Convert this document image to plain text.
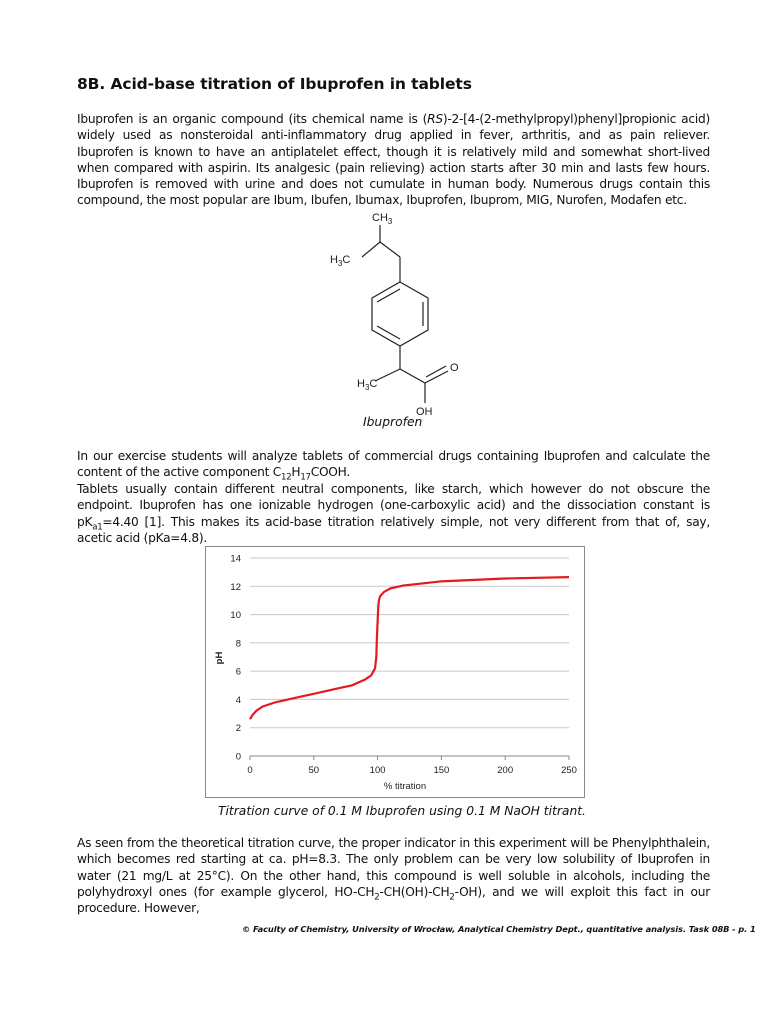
8B. Acid-base titration of Ibuprofen in tablets

Ibuprofen is an organic compound (its chemical name is (RS)-2-[4-(2-methylpropyl)phenyl]propionic acid) widely used as nonsteroidal anti-inflammatory drug applied in fever, arthritis, and as pain reliever. Ibuprofen is known to have an antiplatelet effect, though it is relatively mild and somewhat short-lived when compared with aspirin. Its analgesic (pain relieving) action starts after 30 min and lasts few hours. Ibuprofen is removed with urine and does not cumulate in human body. Numerous drugs contain this compound, the most popular are Ibum, Ibufen, Ibumax, Ibuprofen, Ibuprom, MIG, Nurofen, Modafen etc.

$CH_3$
$H_3C$
$H_3C$
O
OH
Ibuprofen

In our exercise students will analyze tablets of commercial drugs containing Ibuprofen and calculate the content of the active component $C_{12}H_{17}COOH$.

Tablets usually contain different neutral components, like starch, which however do not obscure the endpoint. Ibuprofen has one ionizable hydrogen (one-carboxylic acid) and the dissociation constant is $pK_{a1}=4.40$ [1]. This makes its acid-base titration relatively simple, not very different from that of, say, acetic acid (pKa=4.8).

0
2
4
6
8
10
12
14
0	50	100	150	200	250
% titration
pH
Titration curve of 0.1 M Ibuprofen using 0.1 M NaOH titrant.

As seen from the theoretical titration curve, the proper indicator in this experiment will be Phenylphthalein, which becomes red starting at ca. pH=8.3. The only problem can be very low solubility of Ibuprofen in water (21 mg/L at 25°C). On the other hand, this compound is well soluble in alcohols, including the polyhydroxyl ones (for example glycerol, $HO-CH_2-CH(OH)-CH_2-OH$), and we will exploit this fact in our procedure. However,

© Faculty of Chemistry, University of Wrocław, Analytical Chemistry Dept., quantitative analysis. Task 08B - p. 1
